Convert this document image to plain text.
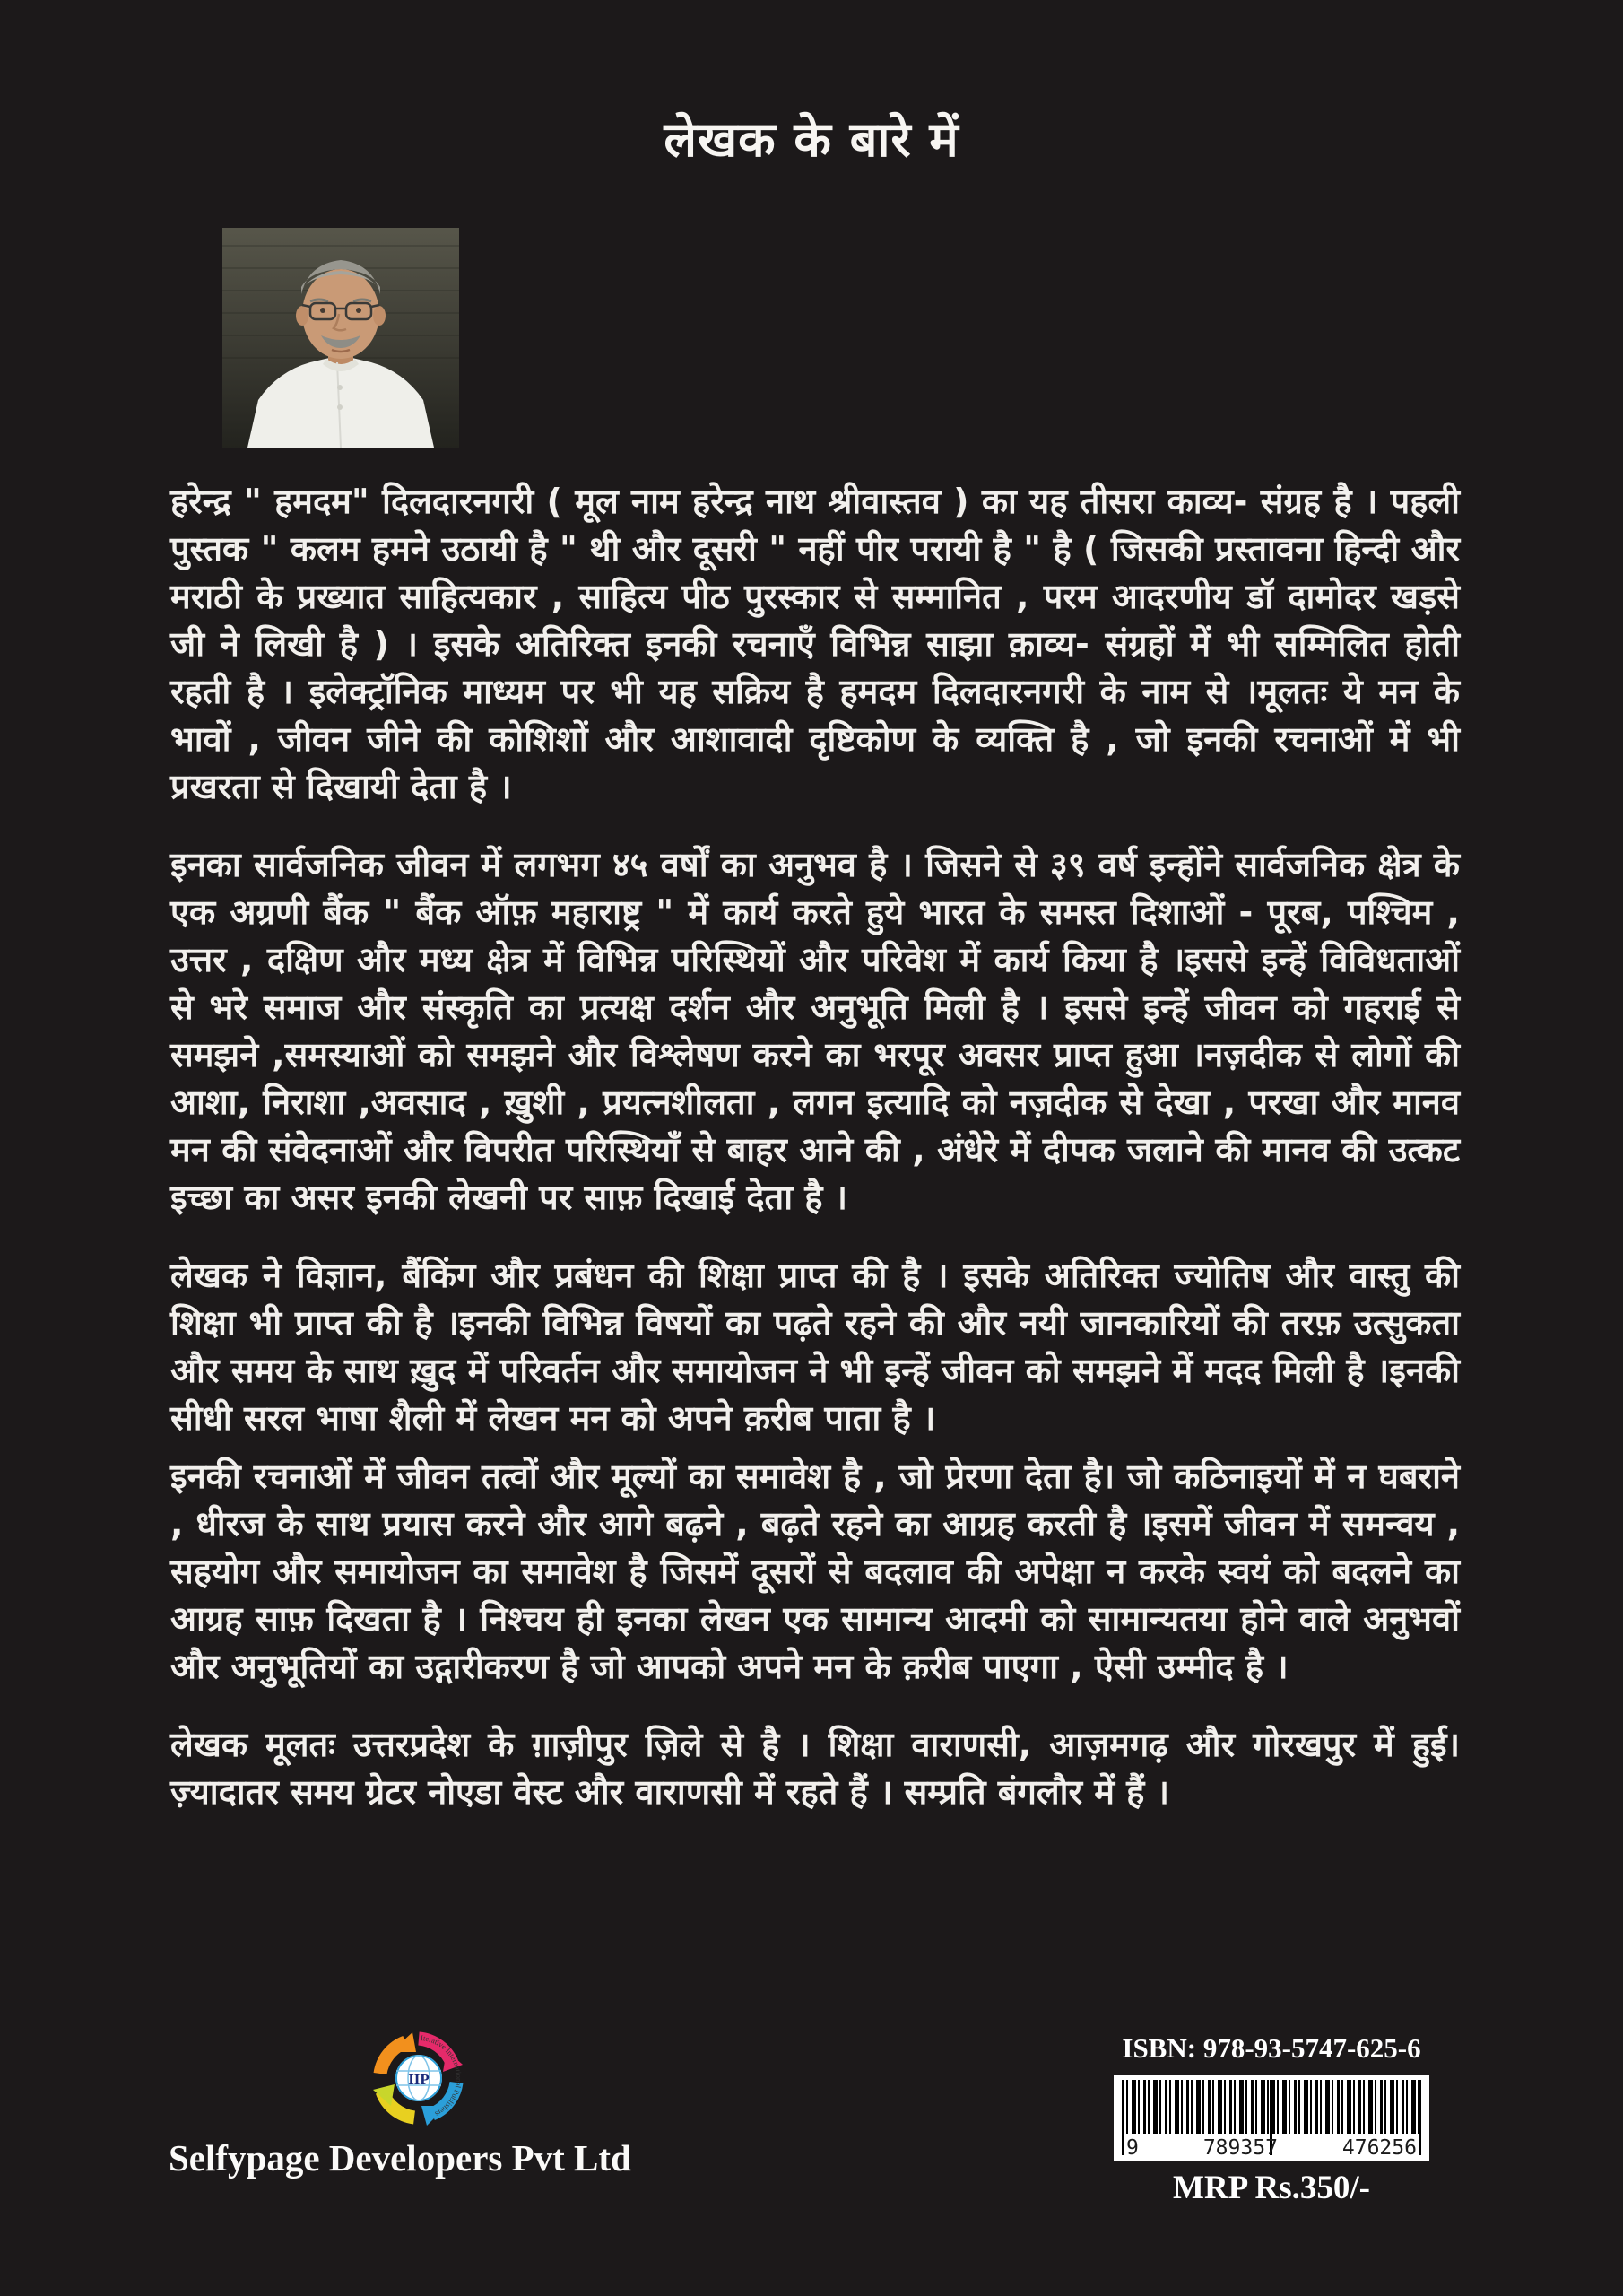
लेखक के बारे में

हरेन्द्र " हमदम" दिलदारनगरी ( मूल नाम हरेन्द्र नाथ श्रीवास्तव ) का यह तीसरा काव्य- संग्रह है । पहली पुस्तक " कलम हमने उठायी है " थी और दूसरी " नहीं पीर परायी है " है ( जिसकी प्रस्तावना हिन्दी और मराठी के प्रख्यात साहित्यकार , साहित्य पीठ पुरस्कार से सम्मानित , परम आदरणीय डॉ दामोदर खड़से जी ने लिखी है ) । इसके अतिरिक्त इनकी रचनाएँ विभिन्न साझा क़ाव्य- संग्रहों में भी सम्मिलित होती रहती है । इलेक्ट्रॉनिक माध्यम पर भी यह सक्रिय है हमदम दिलदारनगरी के नाम से ।मूलतः ये मन के भावों , जीवन जीने की कोशिशों और आशावादी दृष्टिकोण के व्यक्ति है , जो इनकी रचनाओं में भी प्रखरता से दिखायी देता है ।

इनका सार्वजनिक जीवन में लगभग ४५ वर्षों का अनुभव है । जिसने से ३९ वर्ष इन्होंने सार्वजनिक क्षेत्र के एक अग्रणी बैंक " बैंक ऑफ़ महाराष्ट्र " में कार्य करते हुये भारत के समस्त दिशाओं - पूरब, पश्चिम , उत्तर , दक्षिण और मध्य क्षेत्र में विभिन्न परिस्थियों और परिवेश में कार्य किया है ।इससे इन्हें विविधताओं से भरे समाज और संस्कृति का प्रत्यक्ष दर्शन और अनुभूति मिली है । इससे इन्हें जीवन को गहराई से समझने ,समस्याओं को समझने और विश्लेषण करने का भरपूर अवसर प्राप्त हुआ ।नज़दीक से लोगों की आशा, निराशा ,अवसाद , ख़ुशी , प्रयत्नशीलता , लगन इत्यादि को नज़दीक से देखा , परखा और मानव मन की संवेदनाओं और विपरीत परिस्थियाँ से बाहर आने की , अंधेरे में दीपक जलाने की मानव की उत्कट इच्छा का असर इनकी लेखनी पर साफ़ दिखाई देता है ।

लेखक ने विज्ञान, बैंकिंग और प्रबंधन की शिक्षा प्राप्त की है । इसके अतिरिक्त ज्योतिष और वास्तु की शिक्षा भी प्राप्त की है ।इनकी विभिन्न विषयों का पढ़ते रहने की और नयी जानकारियों की तरफ़ उत्सुकता और समय के साथ ख़ुद में परिवर्तन और समायोजन ने भी इन्हें जीवन को समझने में मदद मिली है ।इनकी सीधी सरल भाषा शैली में लेखन मन को अपने क़रीब पाता है ।

इनकी रचनाओं में जीवन तत्वों और मूल्यों का समावेश है , जो प्रेरणा देता है। जो कठिनाइयों में न घबराने , धीरज के साथ प्रयास करने और आगे बढ़ने , बढ़ते रहने का आग्रह करती है ।इसमें जीवन में समन्वय , सहयोग और समायोजन का समावेश है जिसमें दूसरों से बदलाव की अपेक्षा न करके स्वयं को बदलने का आग्रह साफ़ दिखता है । निश्चय ही इनका लेखन एक सामान्य आदमी को सामान्यतया होने वाले अनुभवों और अनुभूतियों का उद्गारीकरण है जो आपको अपने मन के क़रीब पाएगा , ऐसी उम्मीद है ।

लेखक मूलतः उत्तरप्रदेश के ग़ाज़ीपुर ज़िले से है । शिक्षा वाराणसी, आज़मगढ़ और गोरखपुर में हुई। ज़्यादातर समय ग्रेटर नोएडा वेस्ट और वाराणसी में रहते हैं । सम्प्रति बंगलौर में हैं ।

IIP
Iterative International Publishers
Selfypage Developers Pvt Ltd
ISBN: 978-93-5747-625-6
9	789357	476256
MRP Rs.350/-
